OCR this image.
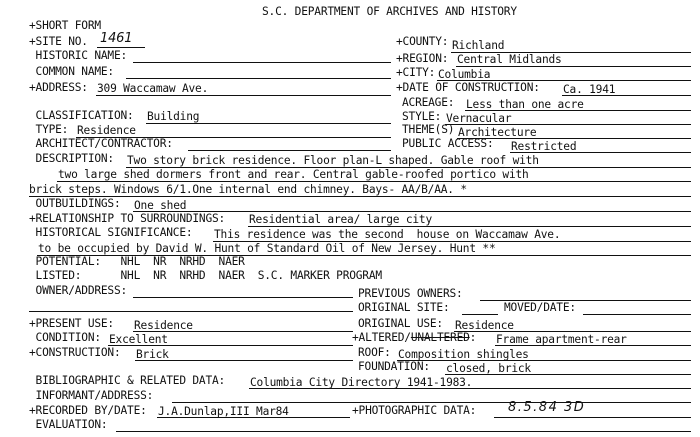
S.C. DEPARTMENT OF ARCHIVES AND HISTORY
+SHORT FORM
+SITE NO. 1461	+COUNTY: Richland
HISTORIC NAME:	+REGION: Central Midlands
COMMON NAME:	+CITY: Columbia
+ADDRESS: 309 Waccamaw Ave.	+DATE OF CONSTRUCTION: Ca. 1941
ACREAGE: Less than one acre
CLASSIFICATION: Building	STYLE: Vernacular
TYPE: Residence	THEME(S) Architecture
ARCHITECT/CONTRACTOR:	PUBLIC ACCESS: Restricted
DESCRIPTION: Two story brick residence. Floor plan-L shaped. Gable roof with
two large shed dormers front and rear. Central gable-roofed portico with
brick steps. Windows 6/1.One internal end chimney. Bays- AA/B/AA. *
OUTBUILDINGS: One shed
+RELATIONSHIP TO SURROUNDINGS: Residential area/ large city
HISTORICAL SIGNIFICANCE: This residence was the second  house on Waccamaw Ave.
to be occupied by David W. Hunt of Standard Oil of New Jersey. Hunt **
POTENTIAL:   NHL  NR  NRHD  NAER
LISTED:      NHL  NR  NRHD  NAER  S.C. MARKER PROGRAM
OWNER/ADDRESS:	PREVIOUS OWNERS:
ORIGINAL SITE:	MOVED/DATE:
+PRESENT USE: Residence	ORIGINAL USE: Residence
CONDITION: Excellent	+ALTERED/UNALTERED: Frame apartment-rear
+CONSTRUCTION: Brick	ROOF: Composition shingles
FOUNDATION: closed, brick
BIBLIOGRAPHIC & RELATED DATA: Columbia City Directory 1941-1983.
INFORMANT/ADDRESS:
+RECORDED BY/DATE: J.A.Dunlap,III Mar84	+PHOTOGRAPHIC DATA: 8.5.84 3D
EVALUATION:
